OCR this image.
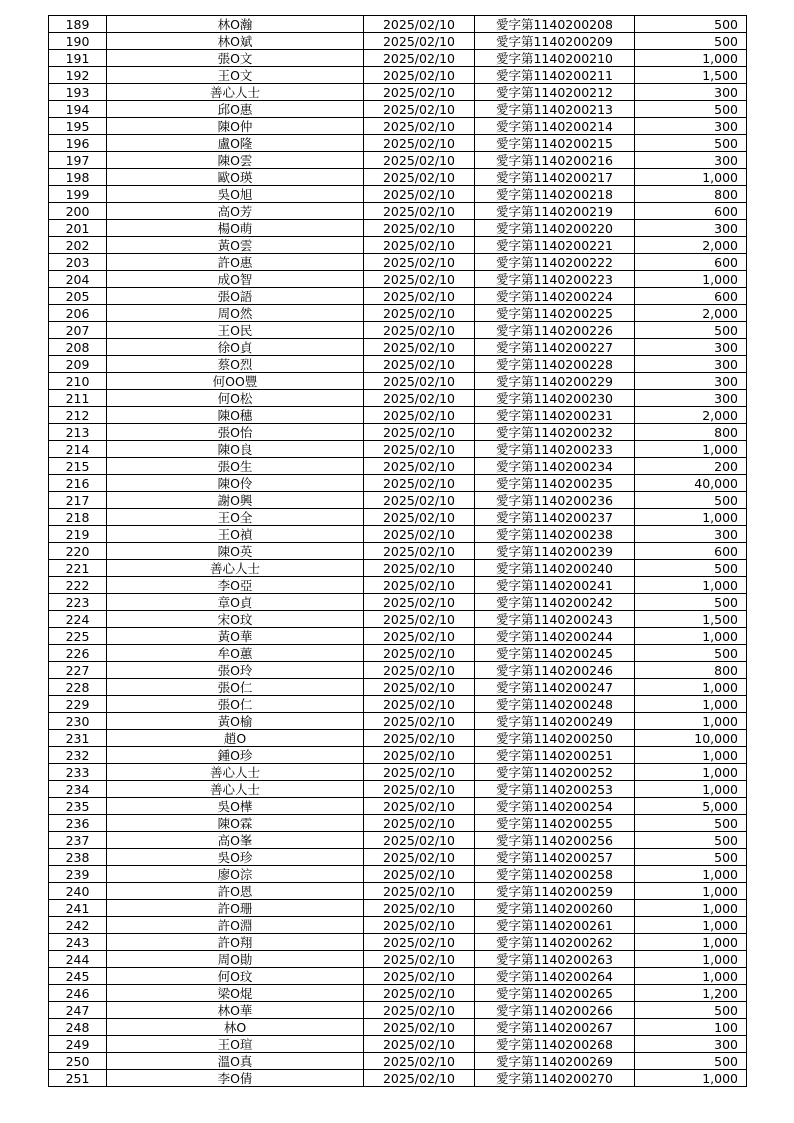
189	林O瀚	2025/02/10	愛字第1140200208	500
190	林O斌	2025/02/10	愛字第1140200209	500
191	張O文	2025/02/10	愛字第1140200210	1,000
192	王O文	2025/02/10	愛字第1140200211	1,500
193	善心人士	2025/02/10	愛字第1140200212	300
194	邱O惠	2025/02/10	愛字第1140200213	500
195	陳O仲	2025/02/10	愛字第1140200214	300
196	盧O隆	2025/02/10	愛字第1140200215	500
197	陳O雲	2025/02/10	愛字第1140200216	300
198	歐O瑛	2025/02/10	愛字第1140200217	1,000
199	吳O旭	2025/02/10	愛字第1140200218	800
200	高O芳	2025/02/10	愛字第1140200219	600
201	楊O萌	2025/02/10	愛字第1140200220	300
202	黃O雲	2025/02/10	愛字第1140200221	2,000
203	許O惠	2025/02/10	愛字第1140200222	600
204	成O智	2025/02/10	愛字第1140200223	1,000
205	張O語	2025/02/10	愛字第1140200224	600
206	周O然	2025/02/10	愛字第1140200225	2,000
207	王O民	2025/02/10	愛字第1140200226	500
208	徐O貞	2025/02/10	愛字第1140200227	300
209	蔡O烈	2025/02/10	愛字第1140200228	300
210	何OO豐	2025/02/10	愛字第1140200229	300
211	何O松	2025/02/10	愛字第1140200230	300
212	陳O穗	2025/02/10	愛字第1140200231	2,000
213	張O怡	2025/02/10	愛字第1140200232	800
214	陳O良	2025/02/10	愛字第1140200233	1,000
215	張O生	2025/02/10	愛字第1140200234	200
216	陳O伶	2025/02/10	愛字第1140200235	40,000
217	謝O興	2025/02/10	愛字第1140200236	500
218	王O全	2025/02/10	愛字第1140200237	1,000
219	王O禎	2025/02/10	愛字第1140200238	300
220	陳O英	2025/02/10	愛字第1140200239	600
221	善心人士	2025/02/10	愛字第1140200240	500
222	李O亞	2025/02/10	愛字第1140200241	1,000
223	章O貞	2025/02/10	愛字第1140200242	500
224	宋O玟	2025/02/10	愛字第1140200243	1,500
225	黃O華	2025/02/10	愛字第1140200244	1,000
226	牟O蕙	2025/02/10	愛字第1140200245	500
227	張O玲	2025/02/10	愛字第1140200246	800
228	張O仁	2025/02/10	愛字第1140200247	1,000
229	張O仁	2025/02/10	愛字第1140200248	1,000
230	黃O榆	2025/02/10	愛字第1140200249	1,000
231	趙O	2025/02/10	愛字第1140200250	10,000
232	鍾O珍	2025/02/10	愛字第1140200251	1,000
233	善心人士	2025/02/10	愛字第1140200252	1,000
234	善心人士	2025/02/10	愛字第1140200253	1,000
235	吳O樺	2025/02/10	愛字第1140200254	5,000
236	陳O霖	2025/02/10	愛字第1140200255	500
237	高O峯	2025/02/10	愛字第1140200256	500
238	吳O珍	2025/02/10	愛字第1140200257	500
239	廖O淙	2025/02/10	愛字第1140200258	1,000
240	許O恩	2025/02/10	愛字第1140200259	1,000
241	許O珊	2025/02/10	愛字第1140200260	1,000
242	許O淵	2025/02/10	愛字第1140200261	1,000
243	許O翔	2025/02/10	愛字第1140200262	1,000
244	周O勛	2025/02/10	愛字第1140200263	1,000
245	何O玟	2025/02/10	愛字第1140200264	1,000
246	梁O焜	2025/02/10	愛字第1140200265	1,200
247	林O華	2025/02/10	愛字第1140200266	500
248	林O	2025/02/10	愛字第1140200267	100
249	王O瑄	2025/02/10	愛字第1140200268	300
250	溫O真	2025/02/10	愛字第1140200269	500
251	李O倩	2025/02/10	愛字第1140200270	1,000
